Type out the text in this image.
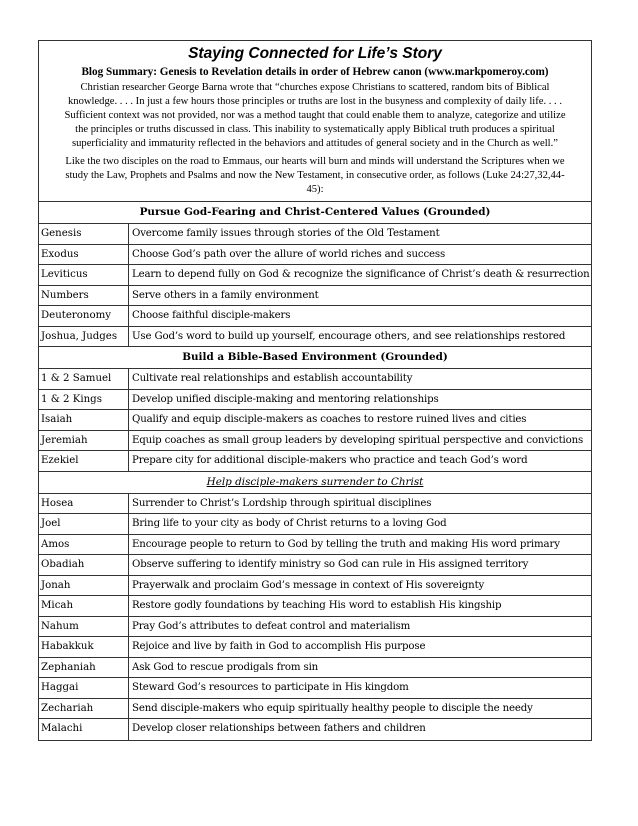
Staying Connected for Life’s Story
Blog Summary: Genesis to Revelation details in order of Hebrew canon (www.markpomeroy.com)
Christian researcher George Barna wrote that “churches expose Christians to scattered, random bits of Biblical knowledge. . . . In just a few hours those principles or truths are lost in the busyness and complexity of daily life. . . . Sufficient context was not provided, nor was a method taught that could enable them to analyze, categorize and utilize the principles or truths discussed in class. This inability to systematically apply Biblical truth produces a spiritual superficiality and immaturity reflected in the behaviors and attitudes of general society and in the Church as well.”
Like the two disciples on the road to Emmaus, our hearts will burn and minds will understand the Scriptures when we study the Law, Prophets and Psalms and now the New Testament, in consecutive order, as follows (Luke 24:27,32,44-45):
Pursue God-Fearing and Christ-Centered Values (Grounded)
Genesis	Overcome family issues through stories of the Old Testament
Exodus	Choose God’s path over the allure of world riches and success
Leviticus	Learn to depend fully on God & recognize the significance of Christ’s death & resurrection
Numbers	Serve others in a family environment
Deuteronomy	Choose faithful disciple-makers
Joshua, Judges	Use God’s word to build up yourself, encourage others, and see relationships restored
Build a Bible-Based Environment (Grounded)
1 & 2 Samuel	Cultivate real relationships and establish accountability
1 & 2 Kings	Develop unified disciple-making and mentoring relationships
Isaiah	Qualify and equip disciple-makers as coaches to restore ruined lives and cities
Jeremiah	Equip coaches as small group leaders by developing spiritual perspective and convictions
Ezekiel	Prepare city for additional disciple-makers who practice and teach God’s word
Help disciple-makers surrender to Christ
Hosea	Surrender to Christ’s Lordship through spiritual disciplines
Joel	Bring life to your city as body of Christ returns to a loving God
Amos	Encourage people to return to God by telling the truth and making His word primary
Obadiah	Observe suffering to identify ministry so God can rule in His assigned territory
Jonah	Prayerwalk and proclaim God’s message in context of His sovereignty
Micah	Restore godly foundations by teaching His word to establish His kingship
Nahum	Pray God’s attributes to defeat control and materialism
Habakkuk	Rejoice and live by faith in God to accomplish His purpose
Zephaniah	Ask God to rescue prodigals from sin
Haggai	Steward God’s resources to participate in His kingdom
Zechariah	Send disciple-makers who equip spiritually healthy people to disciple the needy
Malachi	Develop closer relationships between fathers and children
